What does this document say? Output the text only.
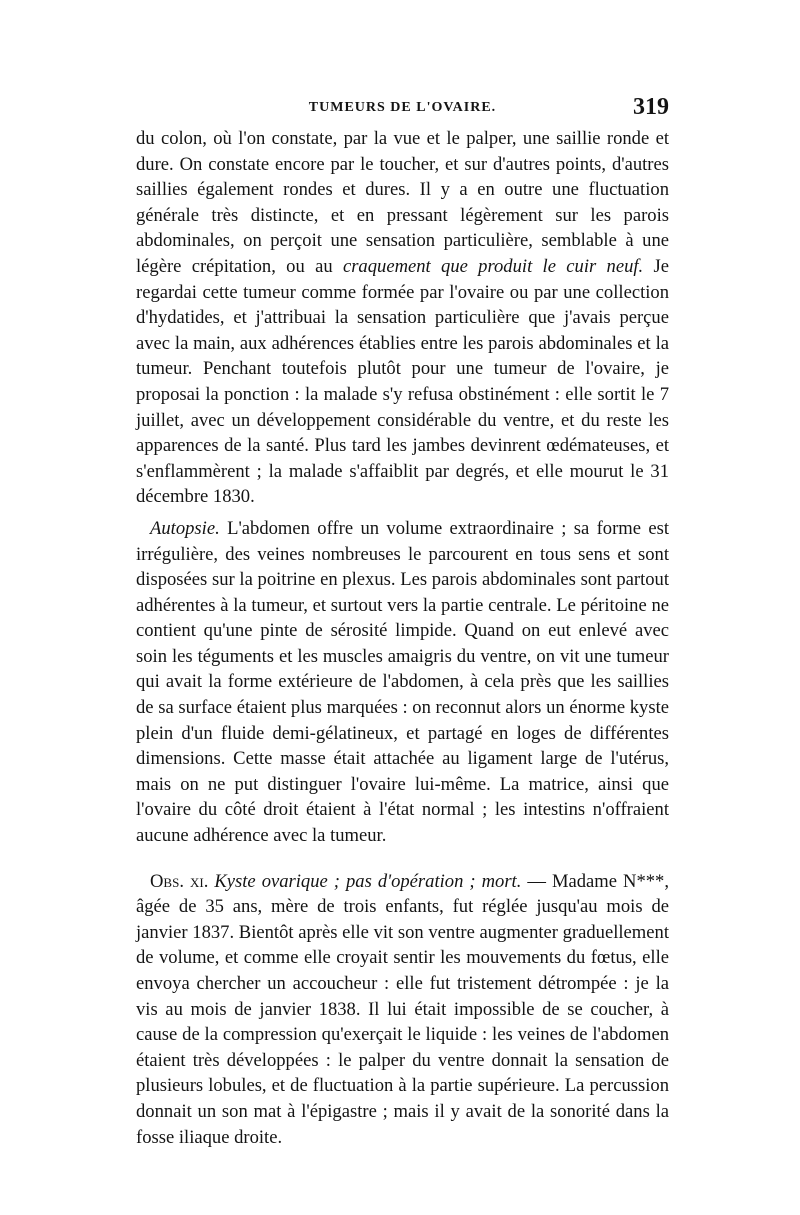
TUMEURS DE L'OVAIRE.	319

du colon, où l'on constate, par la vue et le palper, une saillie ronde et dure. On constate encore par le toucher, et sur d'autres points, d'autres saillies également rondes et dures. Il y a en outre une fluctuation générale très distincte, et en pressant légèrement sur les parois abdominales, on perçoit une sensation particulière, semblable à une légère crépitation, ou au craquement que produit le cuir neuf. Je regardai cette tumeur comme formée par l'ovaire ou par une collection d'hydatides, et j'attribuai la sensation particulière que j'avais perçue avec la main, aux adhérences établies entre les parois abdominales et la tumeur. Penchant toutefois plutôt pour une tumeur de l'ovaire, je proposai la ponction : la malade s'y refusa obstinément : elle sortit le 7 juillet, avec un développement considérable du ventre, et du reste les apparences de la santé. Plus tard les jambes devinrent œdémateuses, et s'enflammèrent ; la malade s'affaiblit par degrés, et elle mourut le 31 décembre 1830.

Autopsie. L'abdomen offre un volume extraordinaire ; sa forme est irrégulière, des veines nombreuses le parcourent en tous sens et sont disposées sur la poitrine en plexus. Les parois abdominales sont partout adhérentes à la tumeur, et surtout vers la partie centrale. Le péritoine ne contient qu'une pinte de sérosité limpide. Quand on eut enlevé avec soin les téguments et les muscles amaigris du ventre, on vit une tumeur qui avait la forme extérieure de l'abdomen, à cela près que les saillies de sa surface étaient plus marquées : on reconnut alors un énorme kyste plein d'un fluide demi-gélatineux, et partagé en loges de différentes dimensions. Cette masse était attachée au ligament large de l'utérus, mais on ne put distinguer l'ovaire lui-même. La matrice, ainsi que l'ovaire du côté droit étaient à l'état normal ; les intestins n'offraient aucune adhérence avec la tumeur.

Obs. xi. Kyste ovarique ; pas d'opération ; mort. — Madame N***, âgée de 35 ans, mère de trois enfants, fut réglée jusqu'au mois de janvier 1837. Bientôt après elle vit son ventre augmenter graduellement de volume, et comme elle croyait sentir les mouvements du fœtus, elle envoya chercher un accoucheur : elle fut tristement détrompée : je la vis au mois de janvier 1838. Il lui était impossible de se coucher, à cause de la compression qu'exerçait le liquide : les veines de l'abdomen étaient très développées : le palper du ventre donnait la sensation de plusieurs lobules, et de fluctuation à la partie supérieure. La percussion donnait un son mat à l'épigastre ; mais il y avait de la sonorité dans la fosse iliaque droite.
